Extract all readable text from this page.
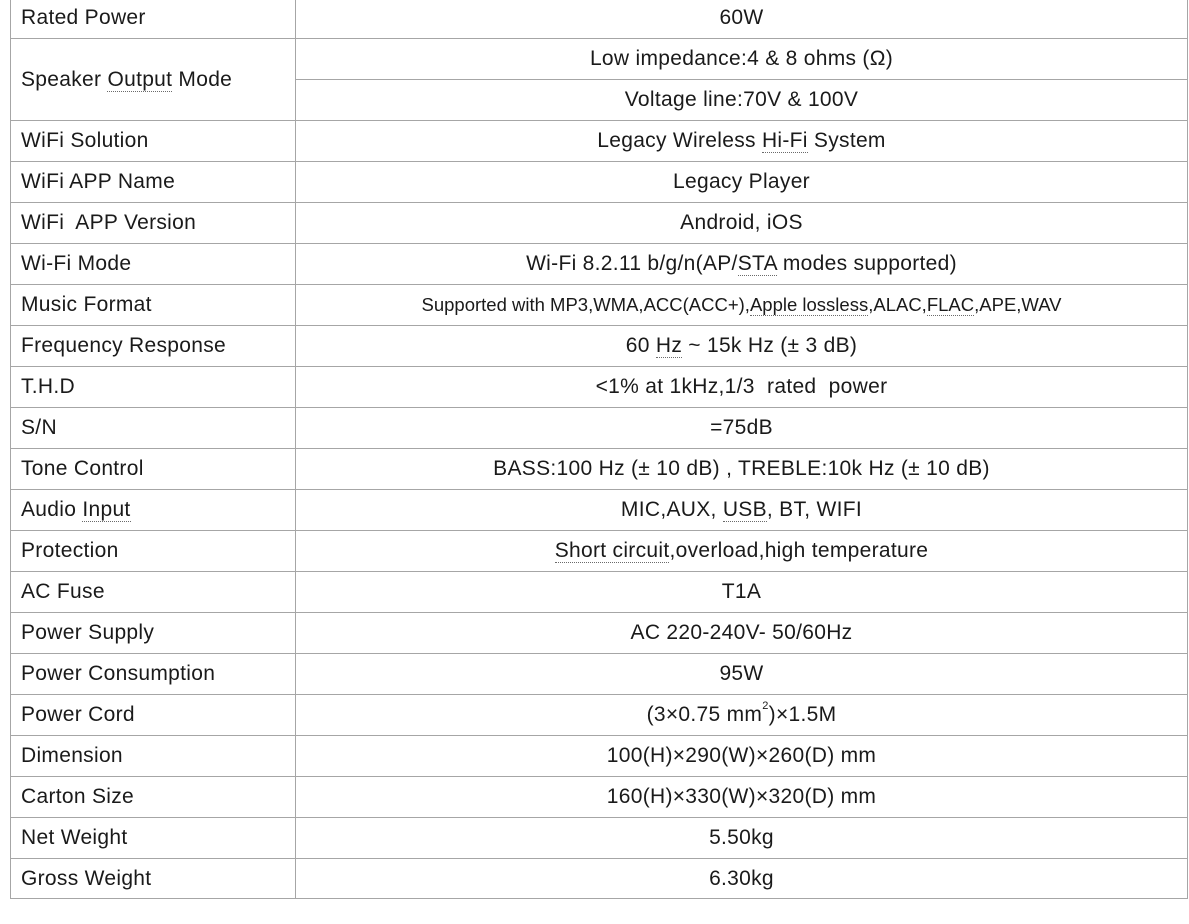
Rated Power	60W
Speaker Output Mode	Low impedance:4 & 8 ohms (Ω)
	Voltage line:70V & 100V
WiFi Solution	Legacy Wireless Hi-Fi System
WiFi APP Name	Legacy Player
WiFi  APP Version	Android, iOS
Wi-Fi Mode	Wi-Fi 8.2.11 b/g/n(AP/STA modes supported)
Music Format	Supported with MP3,WMA,ACC(ACC+),Apple lossless,ALAC,FLAC,APE,WAV
Frequency Response	60 Hz ~ 15k Hz (± 3 dB)
T.H.D	<1% at 1kHz,1/3  rated  power
S/N	=75dB
Tone Control	BASS:100 Hz (± 10 dB) , TREBLE:10k Hz (± 10 dB)
Audio Input	MIC,AUX, USB, BT, WIFI
Protection	Short circuit,overload,high temperature
AC Fuse	T1A
Power Supply	AC 220-240V- 50/60Hz
Power Consumption	95W
Power Cord	(3×0.75 $mm^2)\times 1.5M$
Dimension	100(H)×290(W)×260(D) mm
Carton Size	160(H)×330(W)×320(D) mm
Net Weight	5.50kg
Gross Weight	6.30kg
